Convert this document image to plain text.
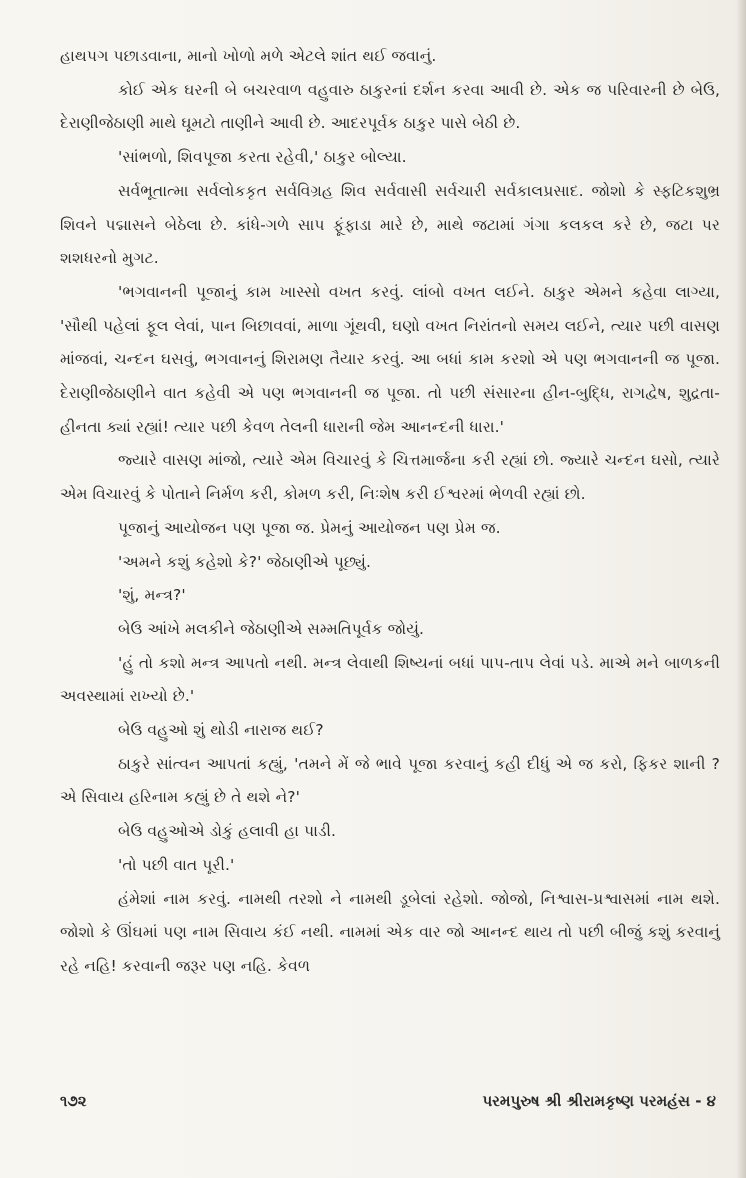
હાથપગ પછાડવાના, માનો ખોળો મળે એટલે શાંત થઈ જવાનું.

કોઈ એક ઘરની બે બચરવાળ વહુવારુ ઠાકુરનાં દર્શન કરવા આવી છે. એક જ પરિવારની છે બેઉ, દેરાણીજેઠાણી માથે ઘૂમટો તાણીને આવી છે. આદરપૂર્વક ઠાકુર પાસે બેઠી છે.

'સાંભળો, શિવપૂજા કરતા રહેવી,' ઠાકુર બોલ્યા.

સર્વભૂતાત્મા સર્વલોકકૃત સર્વવિગ્રહ શિવ સર્વવાસી સર્વચારી સર્વકાલપ્રસાદ. જોશો કે સ્ફટિકશુભ્ર શિવને પદ્માસને બેઠેલા છે. કાંધે-ગળે સાપ ફૂંફાડા મારે છે, માથે જટામાં ગંગા કલકલ કરે છે, જટા પર શશધરનો મુગટ.

'ભગવાનની પૂજાનું કામ ખાસ્સો વખત કરવું. લાંબો વખત લઈને. ઠાકુર એમને કહેવા લાગ્યા, 'સૌથી પહેલાં ફૂલ લેવાં, પાન બિછાવવાં, માળા ગૂંથવી, ઘણો વખત નિરાંતનો સમય લઈને, ત્યાર પછી વાસણ માંજવાં, ચન્દન ઘસવું, ભગવાનનું શિરામણ તૈયાર કરવું. આ બધાં કામ કરશો એ પણ ભગવાનની જ પૂજા. દેરાણીજેઠાણીને વાત કહેવી એ પણ ભગવાનની જ પૂજા. તો પછી સંસારના હીન-બુદ્ધિ, રાગદ્વેષ, શુદ્રતા-હીનતા ક્યાં રહ્યાં! ત્યાર પછી કેવળ તેલની ધારાની જેમ આનન્દની ધારા.'

જ્યારે વાસણ માંજો, ત્યારે એમ વિચારવું કે ચિત્તમાર્જના કરી રહ્યાં છો. જ્યારે ચન્દન ઘસો, ત્યારે એમ વિચારવું કે પોતાને નિર્મળ કરી, કોમળ કરી, નિઃશેષ કરી ઈશ્વરમાં ભેળવી રહ્યાં છો.

પૂજાનું આયોજન પણ પૂજા જ. પ્રેમનું આયોજન પણ પ્રેમ જ.

'અમને કશું કહેશો કે?' જેઠાણીએ પૂછ્યું.

'શું, મન્ત્ર?'

બેઉ આંખે મલકીને જેઠાણીએ સમ્મતિપૂર્વક જોયું.

'હું તો કશો મન્ત્ર આપતો નથી. મન્ત્ર લેવાથી શિષ્યનાં બધાં પાપ-તાપ લેવાં પડે. માએ મને બાળકની અવસ્થામાં રાખ્યો છે.'

બેઉ વહુઓ શું થોડી નારાજ થઈ?

ઠાકુરે સાંત્વન આપતાં કહ્યું, 'તમને મેં જે ભાવે પૂજા કરવાનું કહી દીધું એ જ કરો, ફિકર શાની ? એ સિવાય હરિનામ કહ્યું છે તે થશે ને?'

બેઉ વહુઓએ ડોકું હલાવી હા પાડી.

'તો પછી વાત પૂરી.'

હંમેશાં નામ કરવું. નામથી તરશો ને નામથી ડૂબેલાં રહેશો. જોજો, નિશ્વાસ-પ્રશ્વાસમાં નામ થશે. જોશો કે ઊંઘમાં પણ નામ સિવાય કંઈ નથી. નામમાં એક વાર જો આનન્દ થાય તો પછી બીજું કશું કરવાનું રહે નહિ! કરવાની જરૂર પણ નહિ. કેવળ

૧૭૨	પરમપુરુષ શ્રી શ્રીરામકૃષ્ણ પરમહંસ - ૪
